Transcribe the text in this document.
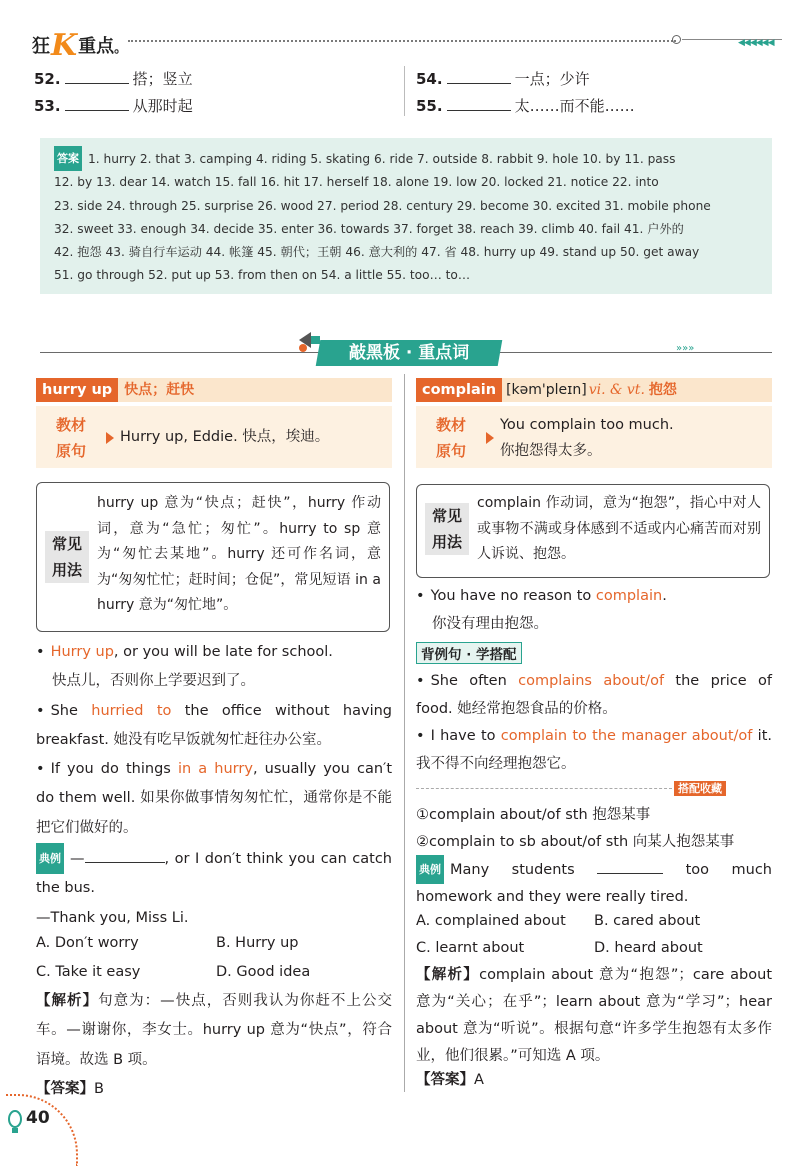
狂K重点。	◀◀◀◀◀◀
52.	搭；竖立
53.	从那时起
54.	一点；少许
55.	太……而不能……
答案 1. hurry 2. that 3. camping 4. riding 5. skating 6. ride 7. outside 8. rabbit 9. hole 10. by 11. pass
12. by 13. dear 14. watch 15. fall 16. hit 17. herself 18. alone 19. low 20. locked 21. notice 22. into
23. side 24. through 25. surprise 26. wood 27. period 28. century 29. become 30. excited 31. mobile phone
32. sweet 33. enough 34. decide 35. enter 36. towards 37. forget 38. reach 39. climb 40. fail 41. 户外的
42. 抱怨 43. 骑自行车运动 44. 帐篷 45. 朝代；王朝 46. 意大利的 47. 省 48. hurry up 49. stand up 50. get away
51. go through 52. put up 53. from then on 54. a little 55. too… to…
敲黑板 · 重点词	»»»
hurry up 快点；赶快
教材
原句
Hurry up, Eddie. 快点，埃迪。
常见
用法
hurry up 意为“快点；赶快”，hurry 作动词，意为“急忙；匆忙”。hurry to sp 意为“匆忙去某地”。hurry 还可作名词，意为“匆匆忙忙；赶时间；仓促”，常见短语 in a hurry 意为“匆忙地”。
• Hurry up, or you will be late for school.
快点儿，否则你上学要迟到了。
• She hurried to the office without having breakfast. 她没有吃早饭就匆忙赶往办公室。
• If you do things in a hurry, usually you can′t do them well. 如果你做事情匆匆忙忙，通常你是不能把它们做好的。
典例 —	, or I don′t think you can catch the bus.
—Thank you, Miss Li.
A. Don′t worry	B. Hurry up
C. Take it easy	D. Good idea
【解析】句意为：—快点，否则我认为你赶不上公交车。—谢谢你，李女士。hurry up 意为“快点”，符合语境。故选 B 项。
【答案】B
complain [kəm'pleɪn] vi. & vt. 抱怨
教材
原句
You complain too much.
你抱怨得太多。
常见
用法
complain 作动词，意为“抱怨”，指心中对人或事物不满或身体感到不适或内心痛苦而对别人诉说、抱怨。
• You have no reason to complain.
你没有理由抱怨。
背例句 · 学搭配
• She often complains about/of the price of food. 她经常抱怨食品的价格。
• I have to complain to the manager about/of it. 我不得不向经理抱怨它。
搭配收藏
①complain about/of sth 抱怨某事
②complain to sb about/of sth 向某人抱怨某事
典例 Many students	too much homework and they were really tired.
A. complained about B. cared about
C. learnt about	D. heard about
【解析】complain about 意为“抱怨”；care about 意为“关心；在乎”；learn about 意为“学习”；hear about 意为“听说”。根据句意“许多学生抱怨有太多作业，他们很累。”可知选 A 项。
【答案】A
40
